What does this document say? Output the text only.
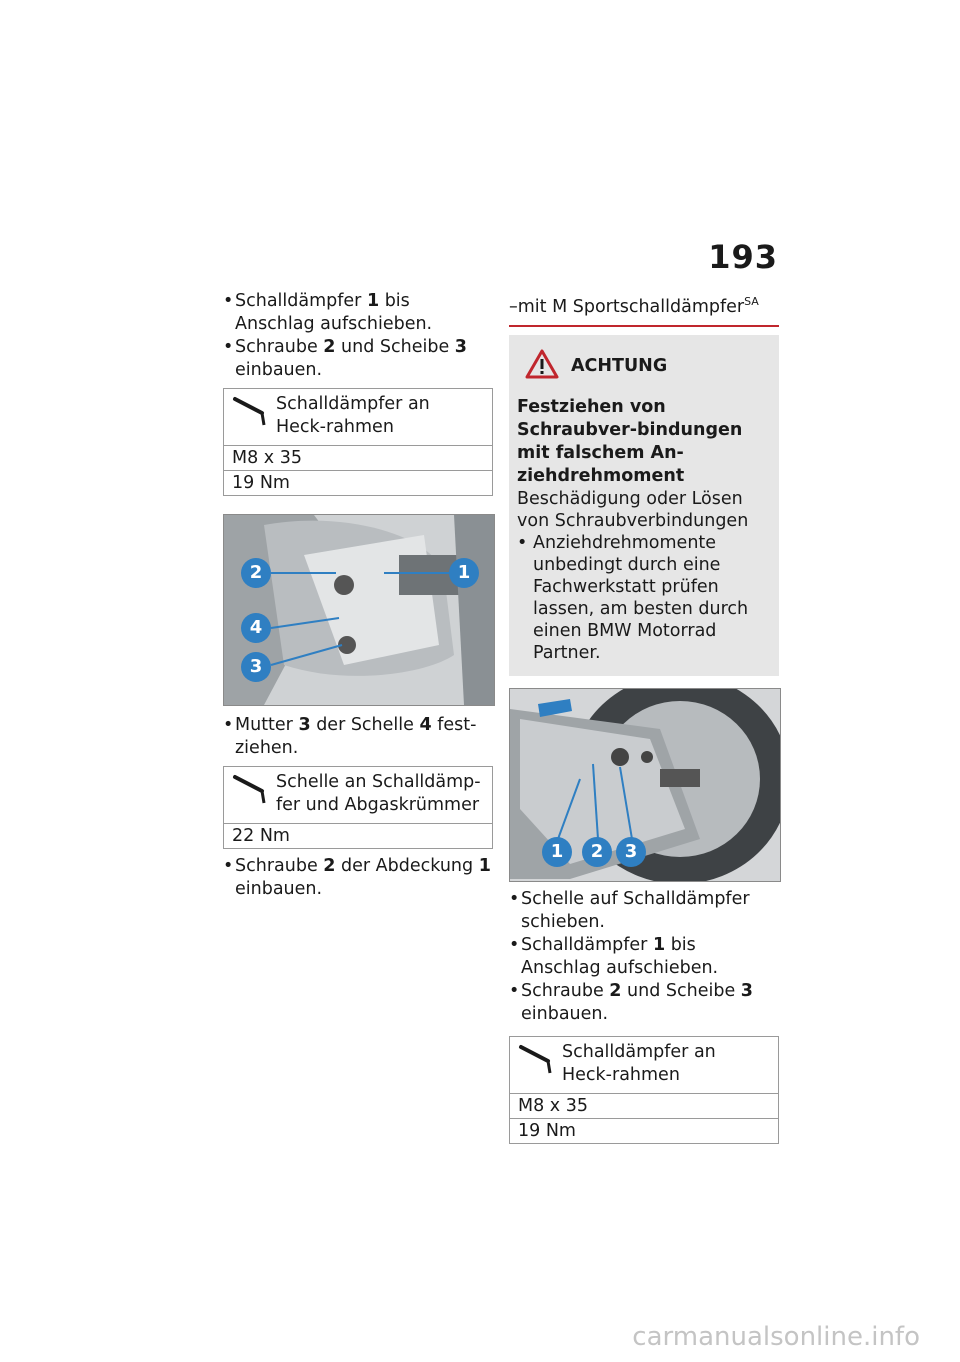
193

• Schalldämpfer 1 bis Anschlag aufschieben.

• Schraube 2 und Scheibe 3 einbauen.

Schalldämpfer an Heck-rahmen
M8 x 35
19 Nm
2	1
4
3

• Mutter 3 der Schelle 4 fest-ziehen.

Schelle an Schalldämp-fer und Abgaskrümmer
22 Nm

• Schraube 2 der Abdeckung 1 einbauen.

–mit M Sportschalldämpfer$^{SA}$
ACHTUNG
Festziehen von Schraubver-bindungen mit falschem An-ziehdrehmoment
Beschädigung oder Lösen von Schraubverbindungen

• Anziehdrehmomente unbedingt durch eine Fachwerkstatt prüfen lassen, am besten durch einen BMW Motorrad Partner.

1	2	3

• Schelle auf Schalldämpfer schieben.

• Schalldämpfer 1 bis Anschlag aufschieben.

• Schraube 2 und Scheibe 3 einbauen.

Schalldämpfer an Heck-rahmen
M8 x 35
19 Nm
carmanualsonline.info
